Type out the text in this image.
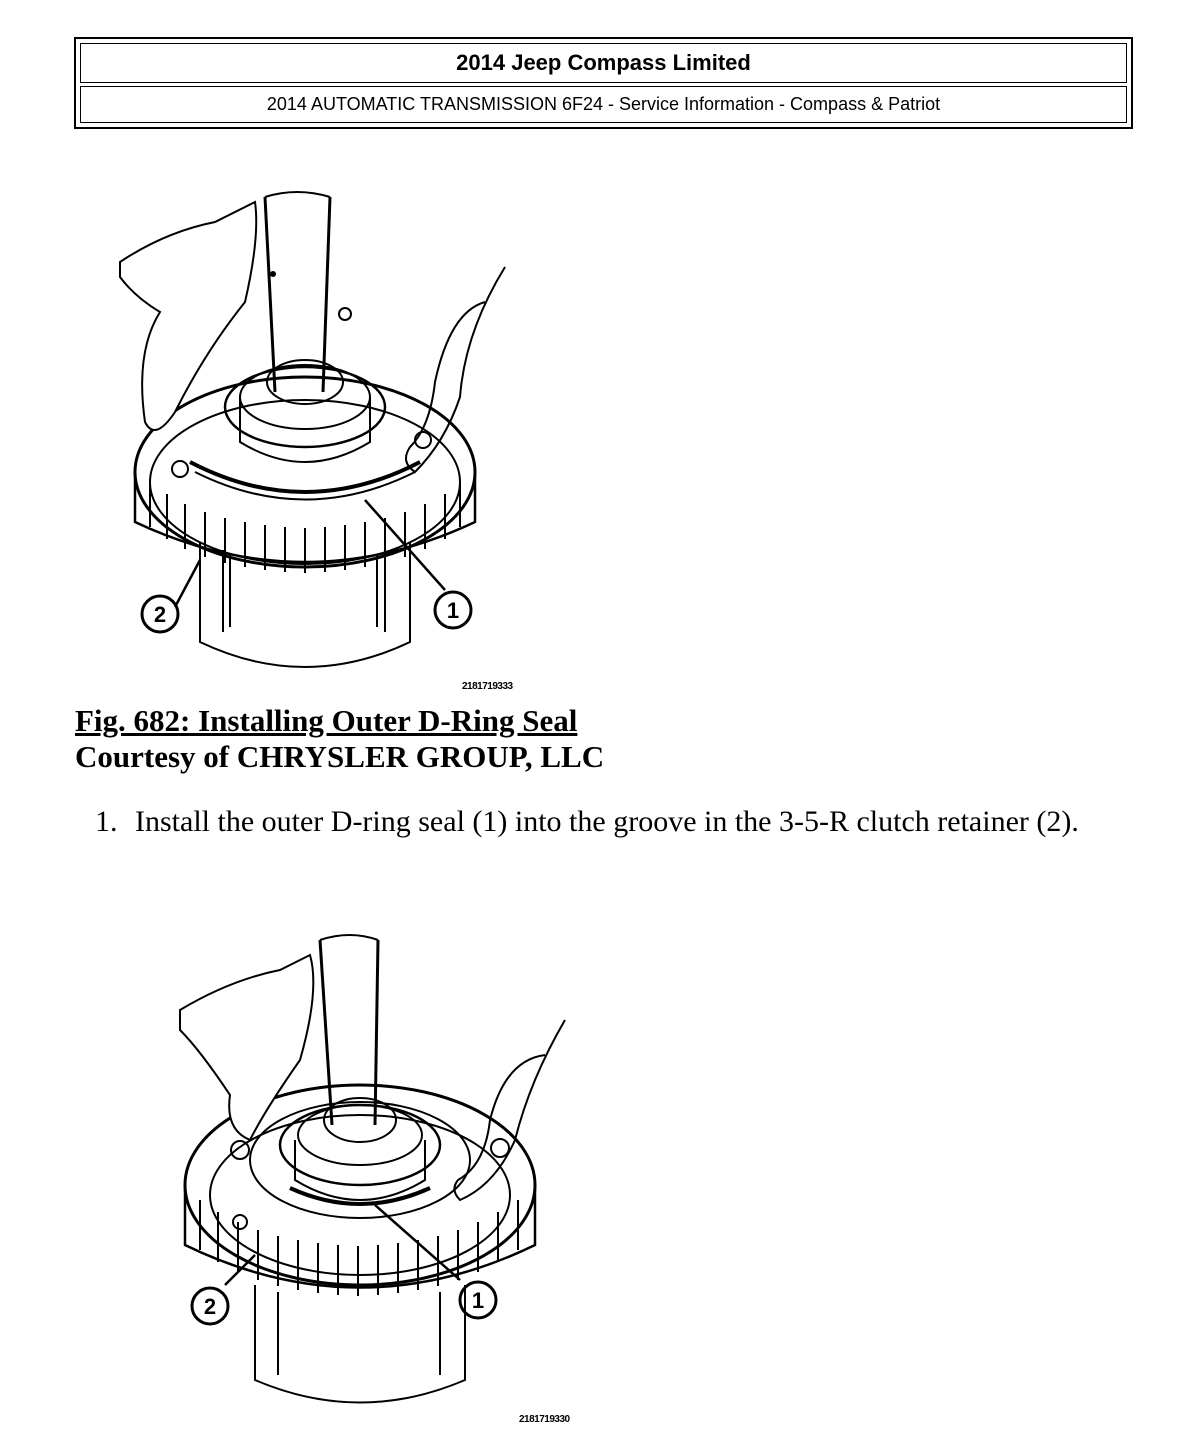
2014 Jeep Compass Limited
2014 AUTOMATIC TRANSMISSION 6F24 - Service Information - Compass & Patriot
1
2
2181719333
Fig. 682: Installing Outer D-Ring Seal
Courtesy of CHRYSLER GROUP, LLC
1. Install the outer D-ring seal (1) into the groove in the 3-5-R clutch retainer (2).
1
2
2181719330
